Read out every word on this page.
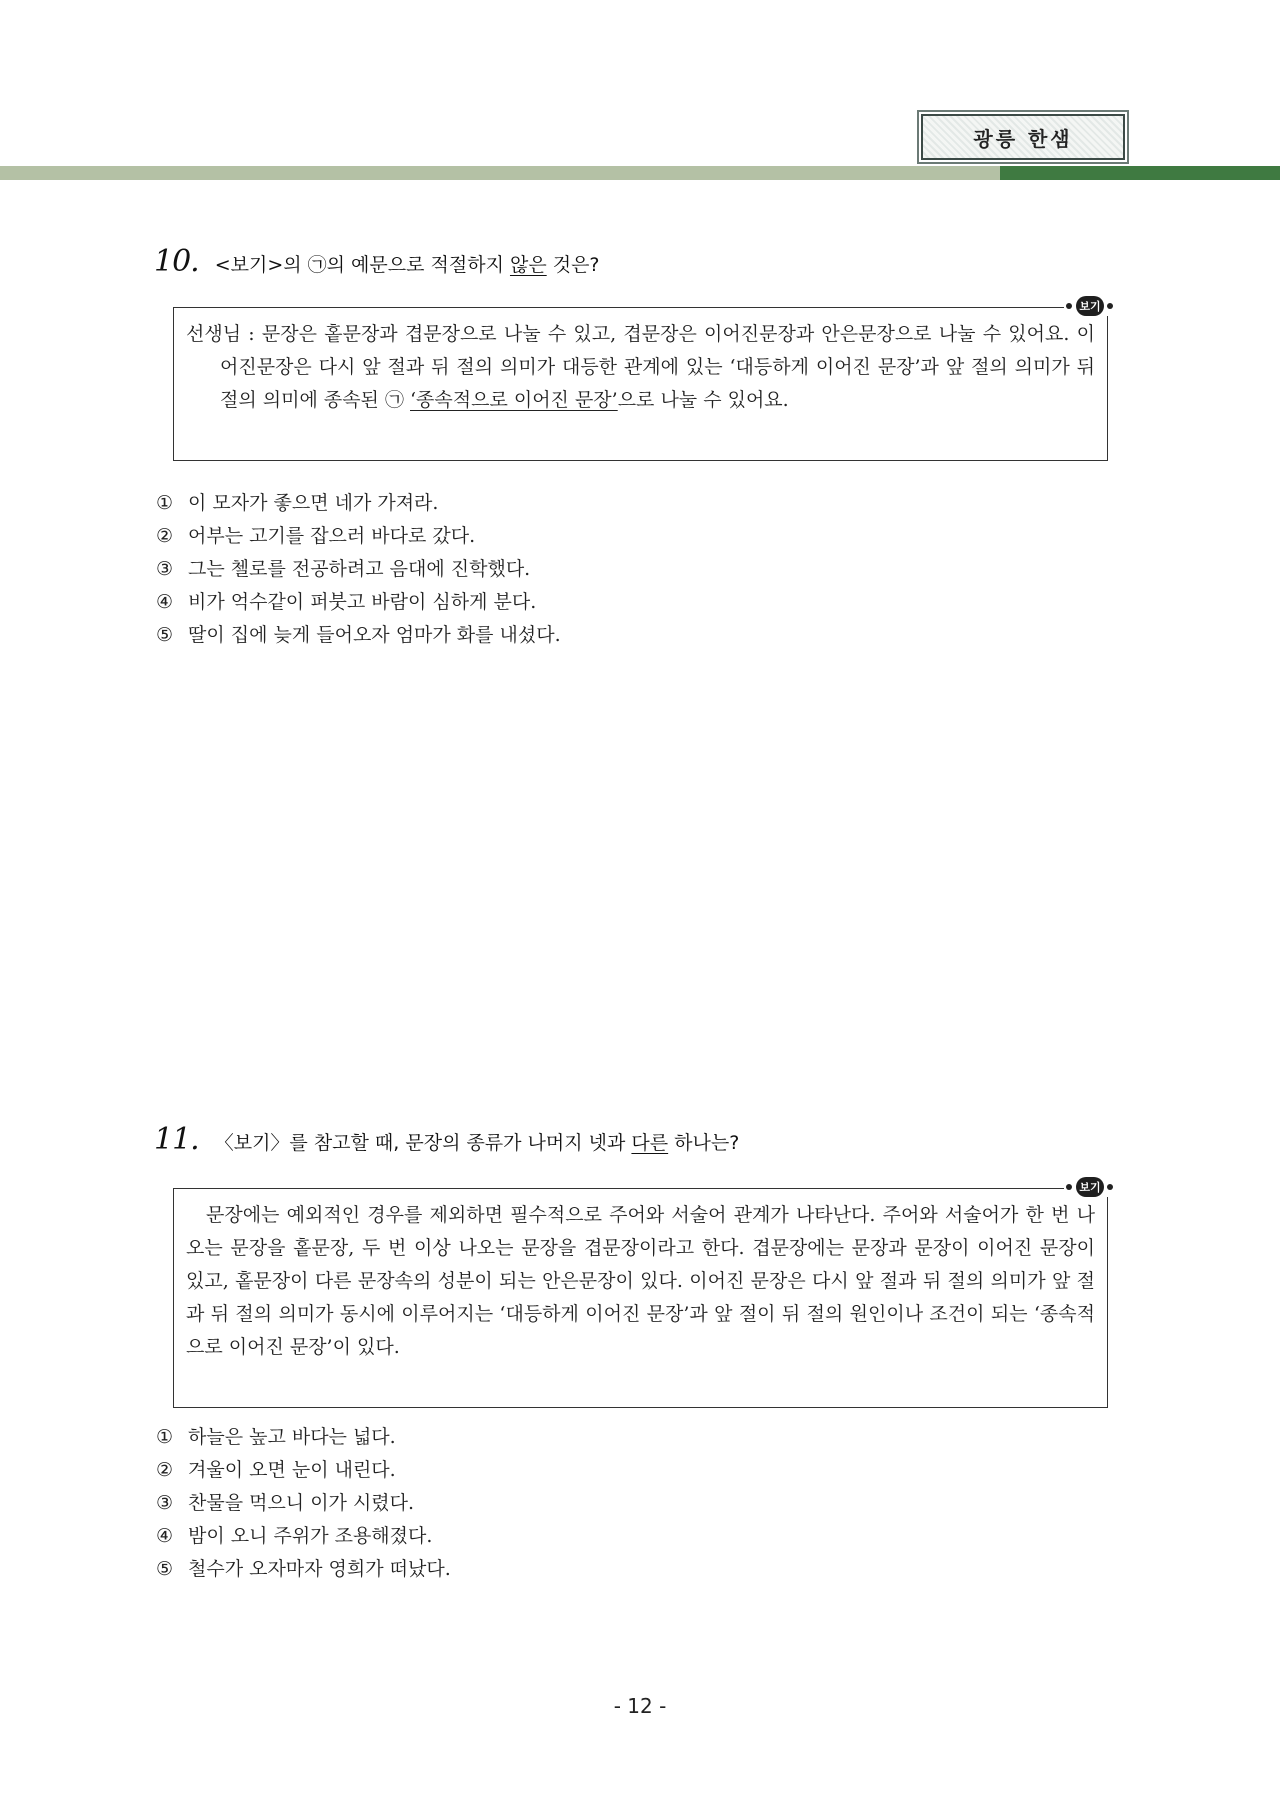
광릉 한샘
10. <보기>의 ㉠의 예문으로 적절하지 않은 것은?
보기

선생님 : 문장은 홑문장과 겹문장으로 나눌 수 있고, 겹문장은 이어진문장과 안은문장으로 나눌 수 있어요. 이어진문장은 다시 앞 절과 뒤 절의 의미가 대등한 관계에 있는 ‘대등하게 이어진 문장’과 앞 절의 의미가 뒤 절의 의미에 종속된 ㉠ ‘종속적으로 이어진 문장’으로 나눌 수 있어요.

① 이 모자가 좋으면 네가 가져라.
② 어부는 고기를 잡으러 바다로 갔다.
③ 그는 첼로를 전공하려고 음대에 진학했다.
④ 비가 억수같이 퍼붓고 바람이 심하게 분다.
⑤ 딸이 집에 늦게 들어오자 엄마가 화를 내셨다.
11. 〈보기〉를 참고할 때, 문장의 종류가 나머지 넷과 다른 하나는?
보기

문장에는 예외적인 경우를 제외하면 필수적으로 주어와 서술어 관계가 나타난다. 주어와 서술어가 한 번 나오는 문장을 홑문장, 두 번 이상 나오는 문장을 겹문장이라고 한다. 겹문장에는 문장과 문장이 이어진 문장이 있고, 홑문장이 다른 문장속의 성분이 되는 안은문장이 있다. 이어진 문장은 다시 앞 절과 뒤 절의 의미가 앞 절과 뒤 절의 의미가 동시에 이루어지는 ‘대등하게 이어진 문장’과 앞 절이 뒤 절의 원인이나 조건이 되는 ‘종속적으로 이어진 문장’이 있다.

① 하늘은 높고 바다는 넓다.
② 겨울이 오면 눈이 내린다.
③ 찬물을 먹으니 이가 시렸다.
④ 밤이 오니 주위가 조용해졌다.
⑤ 철수가 오자마자 영희가 떠났다.
- 12 -
